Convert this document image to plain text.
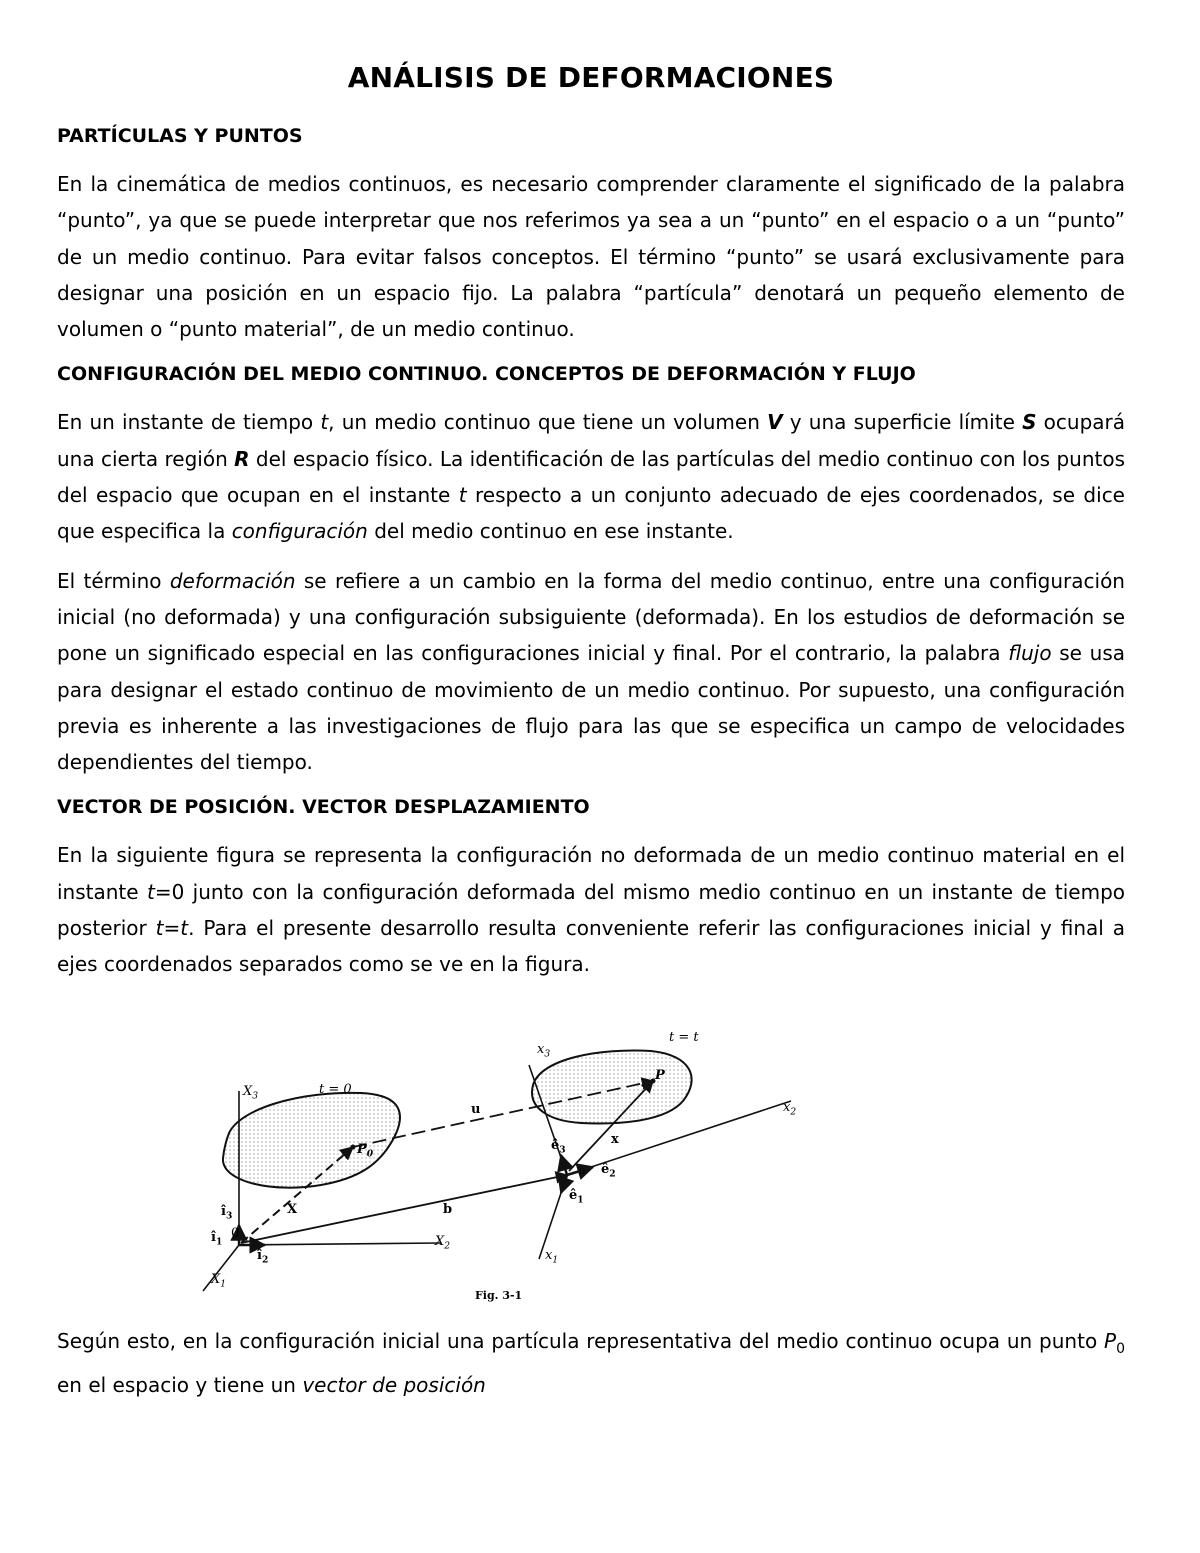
ANÁLISIS DE DEFORMACIONES
PARTÍCULAS Y PUNTOS

En la cinemática de medios continuos, es necesario comprender claramente el significado de la palabra “punto”, ya que se puede interpretar que nos referimos ya sea a un “punto” en el espacio o a un “punto” de un medio continuo. Para evitar falsos conceptos. El término “punto” se usará exclusivamente para designar una posición en un espacio fijo. La palabra “partícula” denotará un pequeño elemento de volumen o “punto material”, de un medio continuo.

CONFIGURACIÓN DEL MEDIO CONTINUO. CONCEPTOS DE DEFORMACIÓN Y FLUJO

En un instante de tiempo t, un medio continuo que tiene un volumen V y una superficie límite S ocupará una cierta región R del espacio físico. La identificación de las partículas del medio continuo con los puntos del espacio que ocupan en el instante t respecto a un conjunto adecuado de ejes coordenados, se dice que especifica la configuración del medio continuo en ese instante.

El término deformación se refiere a un cambio en la forma del medio continuo, entre una configuración inicial (no deformada) y una configuración subsiguiente (deformada). En los estudios de deformación se pone un significado especial en las configuraciones inicial y final. Por el contrario, la palabra flujo se usa para designar el estado continuo de movimiento de un medio continuo. Por supuesto, una configuración previa es inherente a las investigaciones de flujo para las que se especifica un campo de velocidades dependientes del tiempo.

VECTOR DE POSICIÓN. VECTOR DESPLAZAMIENTO

En la siguiente figura se representa la configuración no deformada de un medio continuo material en el instante t=0 junto con la configuración deformada del mismo medio continuo en un instante de tiempo posterior t=t. Para el presente desarrollo resulta conveniente referir las configuraciones inicial y final a ejes coordenados separados como se ve en la figura.

$X_3$	t = 0
t = t
$x_3$
$x_2$
$x_1$
$X_2$
$X_1$
$P_0$
P
u
b
X
x
0
o
$î_3$
$î_1$
$î_2$
$ê_3$
$ê_2$
$ê_1$
Fig. 3-1

Según esto, en la configuración inicial una partícula representativa del medio continuo ocupa un punto $P_0$ en el espacio y tiene un vector de posición
